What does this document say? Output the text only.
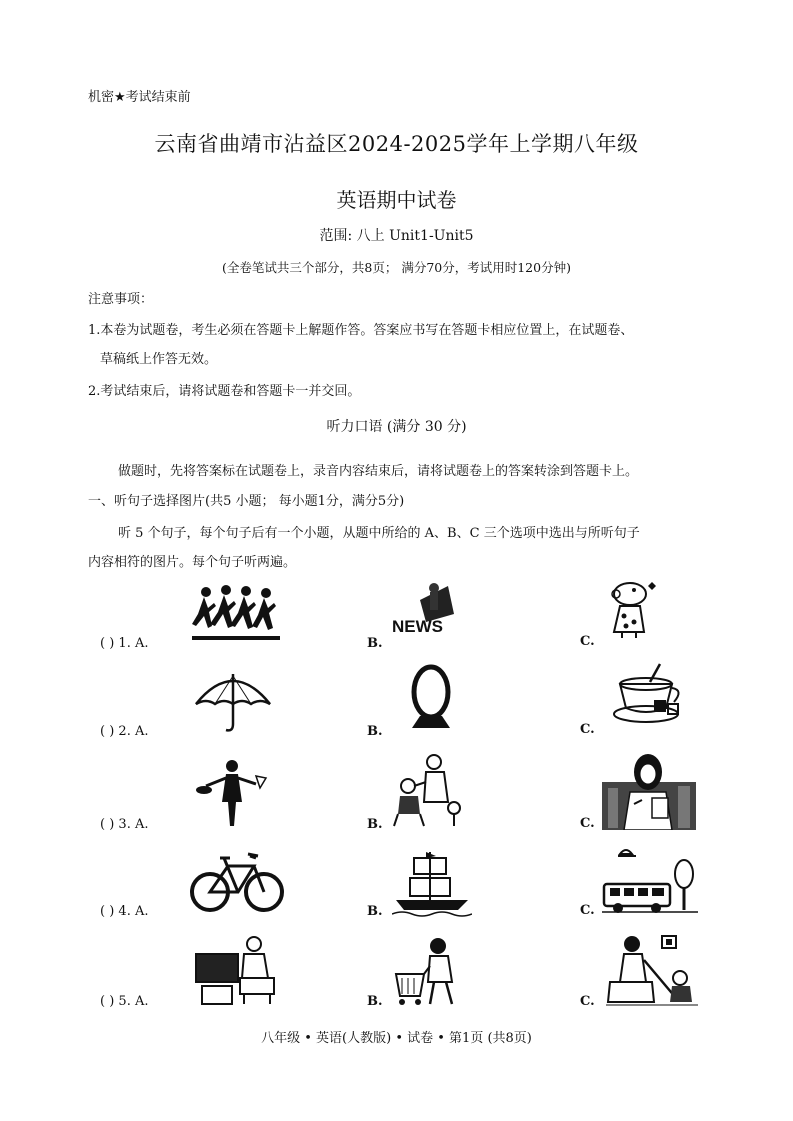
机密★考试结束前
云南省曲靖市沾益区2024-2025学年上学期八年级
英语期中试卷
范围: 八上 Unit1-Unit5
(全卷笔试共三个部分，共8页； 满分70分，考试用时120分钟)
注意事项：
1.本卷为试题卷，考生必须在答题卡上解题作答。答案应书写在答题卡相应位置上，在试题卷、
草稿纸上作答无效。
2.考试结束后，请将试题卷和答题卡一并交回。
听力口语 (满分 30 分)
做题时，先将答案标在试题卷上，录音内容结束后，请将试题卷上的答案转涂到答题卡上。
一、听句子选择图片(共5 小题； 每小题1分，满分5分)
听 5 个句子，每个句子后有一个小题，从题中所给的 A、B、C 三个选项中选出与所听句子
内容相符的图片。每个句子听两遍。
( ) 1. A.	B.	C.
NEWS
( ) 2. A.	B.	C.
( ) 3. A.	B.	C.
( ) 4. A.	B.	C.
( ) 5. A.	B.	C.
八年级 • 英语(人教版) • 试卷 • 第1页 (共8页)
